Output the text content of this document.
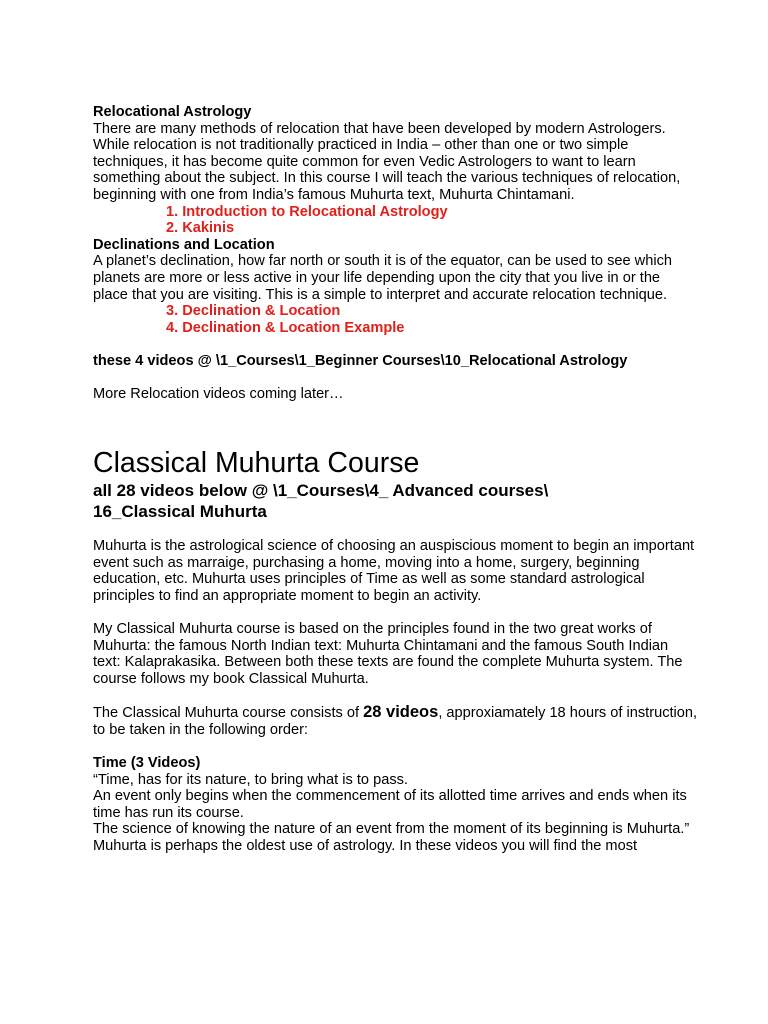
Relocational Astrology

There are many methods of relocation that have been developed by modern Astrologers. While relocation is not traditionally practiced in India – other than one or two simple techniques, it has become quite common for even Vedic Astrologers to want to learn something about the subject. In this course I will teach the various techniques of relocation, beginning with one from India’s famous Muhurta text, Muhurta Chintamani.

1. Introduction to Relocational Astrology
2. Kakinis
Declinations and Location

A planet’s declination, how far north or south it is of the equator, can be used to see which planets are more or less active in your life depending upon the city that you live in or the place that you are visiting. This is a simple to interpret and accurate relocation technique.

3. Declination & Location
4. Declination & Location Example
these 4 videos @ \1_Courses\1_Beginner Courses\10_Relocational Astrology
More Relocation videos coming later…
Classical Muhurta Course
all 28 videos below @ \1_Courses\4_ Advanced courses\
16_Classical Muhurta

Muhurta is the astrological science of choosing an auspiscious moment to begin an important event such as marraige, purchasing a home, moving into a home, surgery, beginning education, etc. Muhurta uses principles of Time as well as some standard astrological principles to find an appropriate moment to begin an activity.

My Classical Muhurta course is based on the principles found in the two great works of Muhurta: the famous North Indian text: Muhurta Chintamani and the famous South Indian text: Kalaprakasika. Between both these texts are found the complete Muhurta system. The course follows my book Classical Muhurta.

The Classical Muhurta course consists of 28 videos, approxiamately 18 hours of instruction, to be taken in the following order:

Time (3 Videos)
“Time, has for its nature, to bring what is to pass.
An event only begins when the commencement of its allotted time arrives and ends when its time has run its course.
The science of knowing the nature of an event from the moment of its beginning is Muhurta.”
Muhurta is perhaps the oldest use of astrology. In these videos you will find the most
